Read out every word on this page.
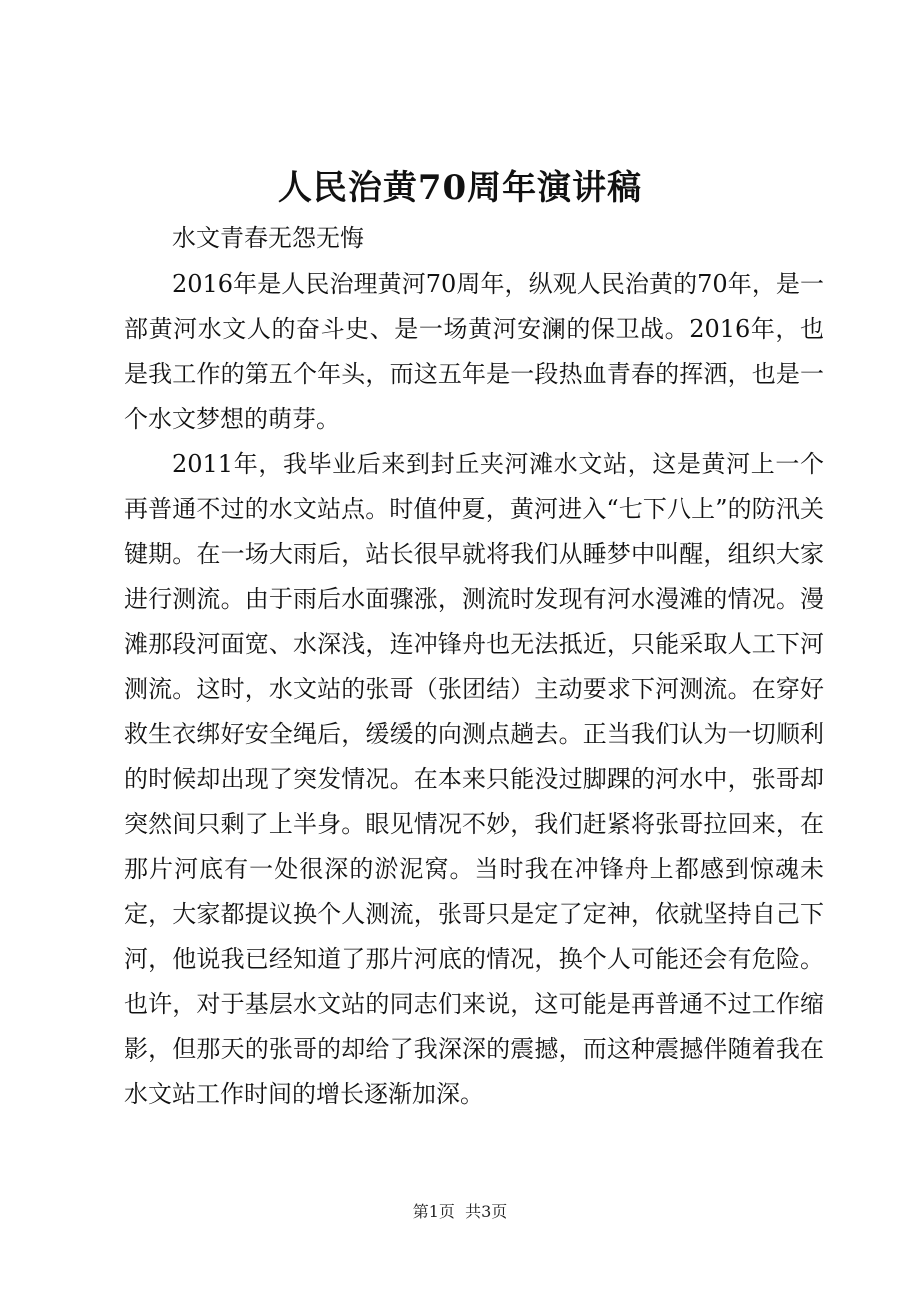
人民治黄70周年演讲稿

水文青春无怨无悔

2016年是人民治理黄河70周年，纵观人民治黄的70年，是一部黄河水文人的奋斗史、是一场黄河安澜的保卫战。2016年，也是我工作的第五个年头，而这五年是一段热血青春的挥洒，也是一个水文梦想的萌芽。

2011年，我毕业后来到封丘夹河滩水文站，这是黄河上一个再普通不过的水文站点。时值仲夏，黄河进入“七下八上”的防汛关键期。在一场大雨后，站长很早就将我们从睡梦中叫醒，组织大家进行测流。由于雨后水面骤涨，测流时发现有河水漫滩的情况。漫滩那段河面宽、水深浅，连冲锋舟也无法抵近，只能采取人工下河测流。这时，水文站的张哥（张团结）主动要求下河测流。在穿好救生衣绑好安全绳后，缓缓的向测点趟去。正当我们认为一切顺利的时候却出现了突发情况。在本来只能没过脚踝的河水中，张哥却突然间只剩了上半身。眼见情况不妙，我们赶紧将张哥拉回来，在那片河底有一处很深的淤泥窝。当时我在冲锋舟上都感到惊魂未定，大家都提议换个人测流，张哥只是定了定神，依就坚持自己下河，他说我已经知道了那片河底的情况，换个人可能还会有危险。也许，对于基层水文站的同志们来说，这可能是再普通不过工作缩影，但那天的张哥的却给了我深深的震撼，而这种震撼伴随着我在水文站工作时间的增长逐渐加深。

第1页 共3页
